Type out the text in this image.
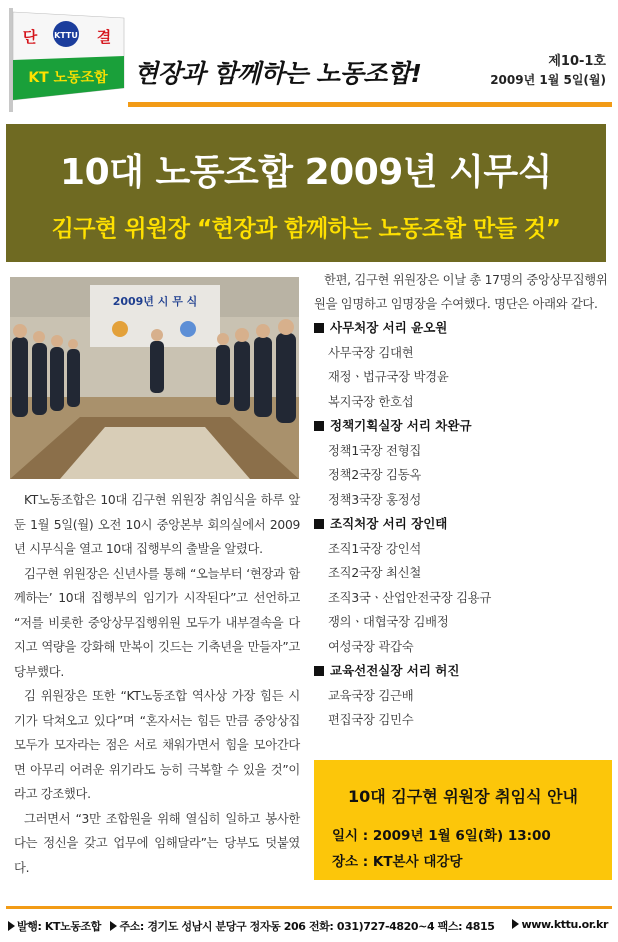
KTTU
단	결
KT 노동조합 현장과 함께하는 노동조합!	제10-1호
2009년 1월 5일(월)
10대 노동조합 2009년 시무식
김구현 위원장 “현장과 함께하는 노동조합 만들 것”
2009년 시 무 식

KT노동조합은 10대 김구현 위원장 취임식을 하루 앞둔 1월 5일(월) 오전 10시 중앙본부 회의실에서 2009년 시무식을 열고 10대 집행부의 출발을 알렸다.

김구현 위원장은 신년사를 통해 “오늘부터 ‘현장과 함께하는’ 10대 집행부의 임기가 시작된다”고 선언하고 “저를 비롯한 중앙상무집행위원 모두가 내부결속을 다지고 역량을 강화해 만복이 깃드는 기축년을 만들자”고 당부했다.

김 위원장은 또한 “KT노동조합 역사상 가장 힘든 시기가 닥쳐오고 있다”며 “혼자서는 힘든 만큼 중앙상집 모두가 모자라는 점은 서로 채워가면서 힘을 모아간다면 아무리 어려운 위기라도 능히 극복할 수 있을 것”이라고 강조했다.

그러면서 “3만 조합원을 위해 열심히 일하고 봉사한다는 정신을 갖고 업무에 임해달라”는 당부도 덧붙였다.

한편, 김구현 위원장은 이날 총 17명의 중앙상무집행위원을 임명하고 임명장을 수여했다. 명단은 아래와 같다.

사무처장 서리 윤오원
사무국장 김대현
재정ㆍ법규국장 박경윤
복지국장 한호섭
정책기획실장 서리 차완규
정책1국장 전형집
정책2국장 김동옥
정책3국장 홍정성
조직처장 서리 장인태
조직1국장 강인석
조직2국장 최신철
조직3국ㆍ산업안전국장 김용규
쟁의ㆍ대협국장 김배정
여성국장 곽갑숙
교육선전실장 서리 허진
교육국장 김근배
편집국장 김민수
10대 김구현 위원장 취임식 안내
일시 : 2009년 1월 6일(화) 13:00
장소 : KT본사 대강당
발행: KT노동조합 주소: 경기도 성남시 분당구 정자동 206 전화: 031)727-4820~4 팩스: 4815	www.kttu.or.kr
